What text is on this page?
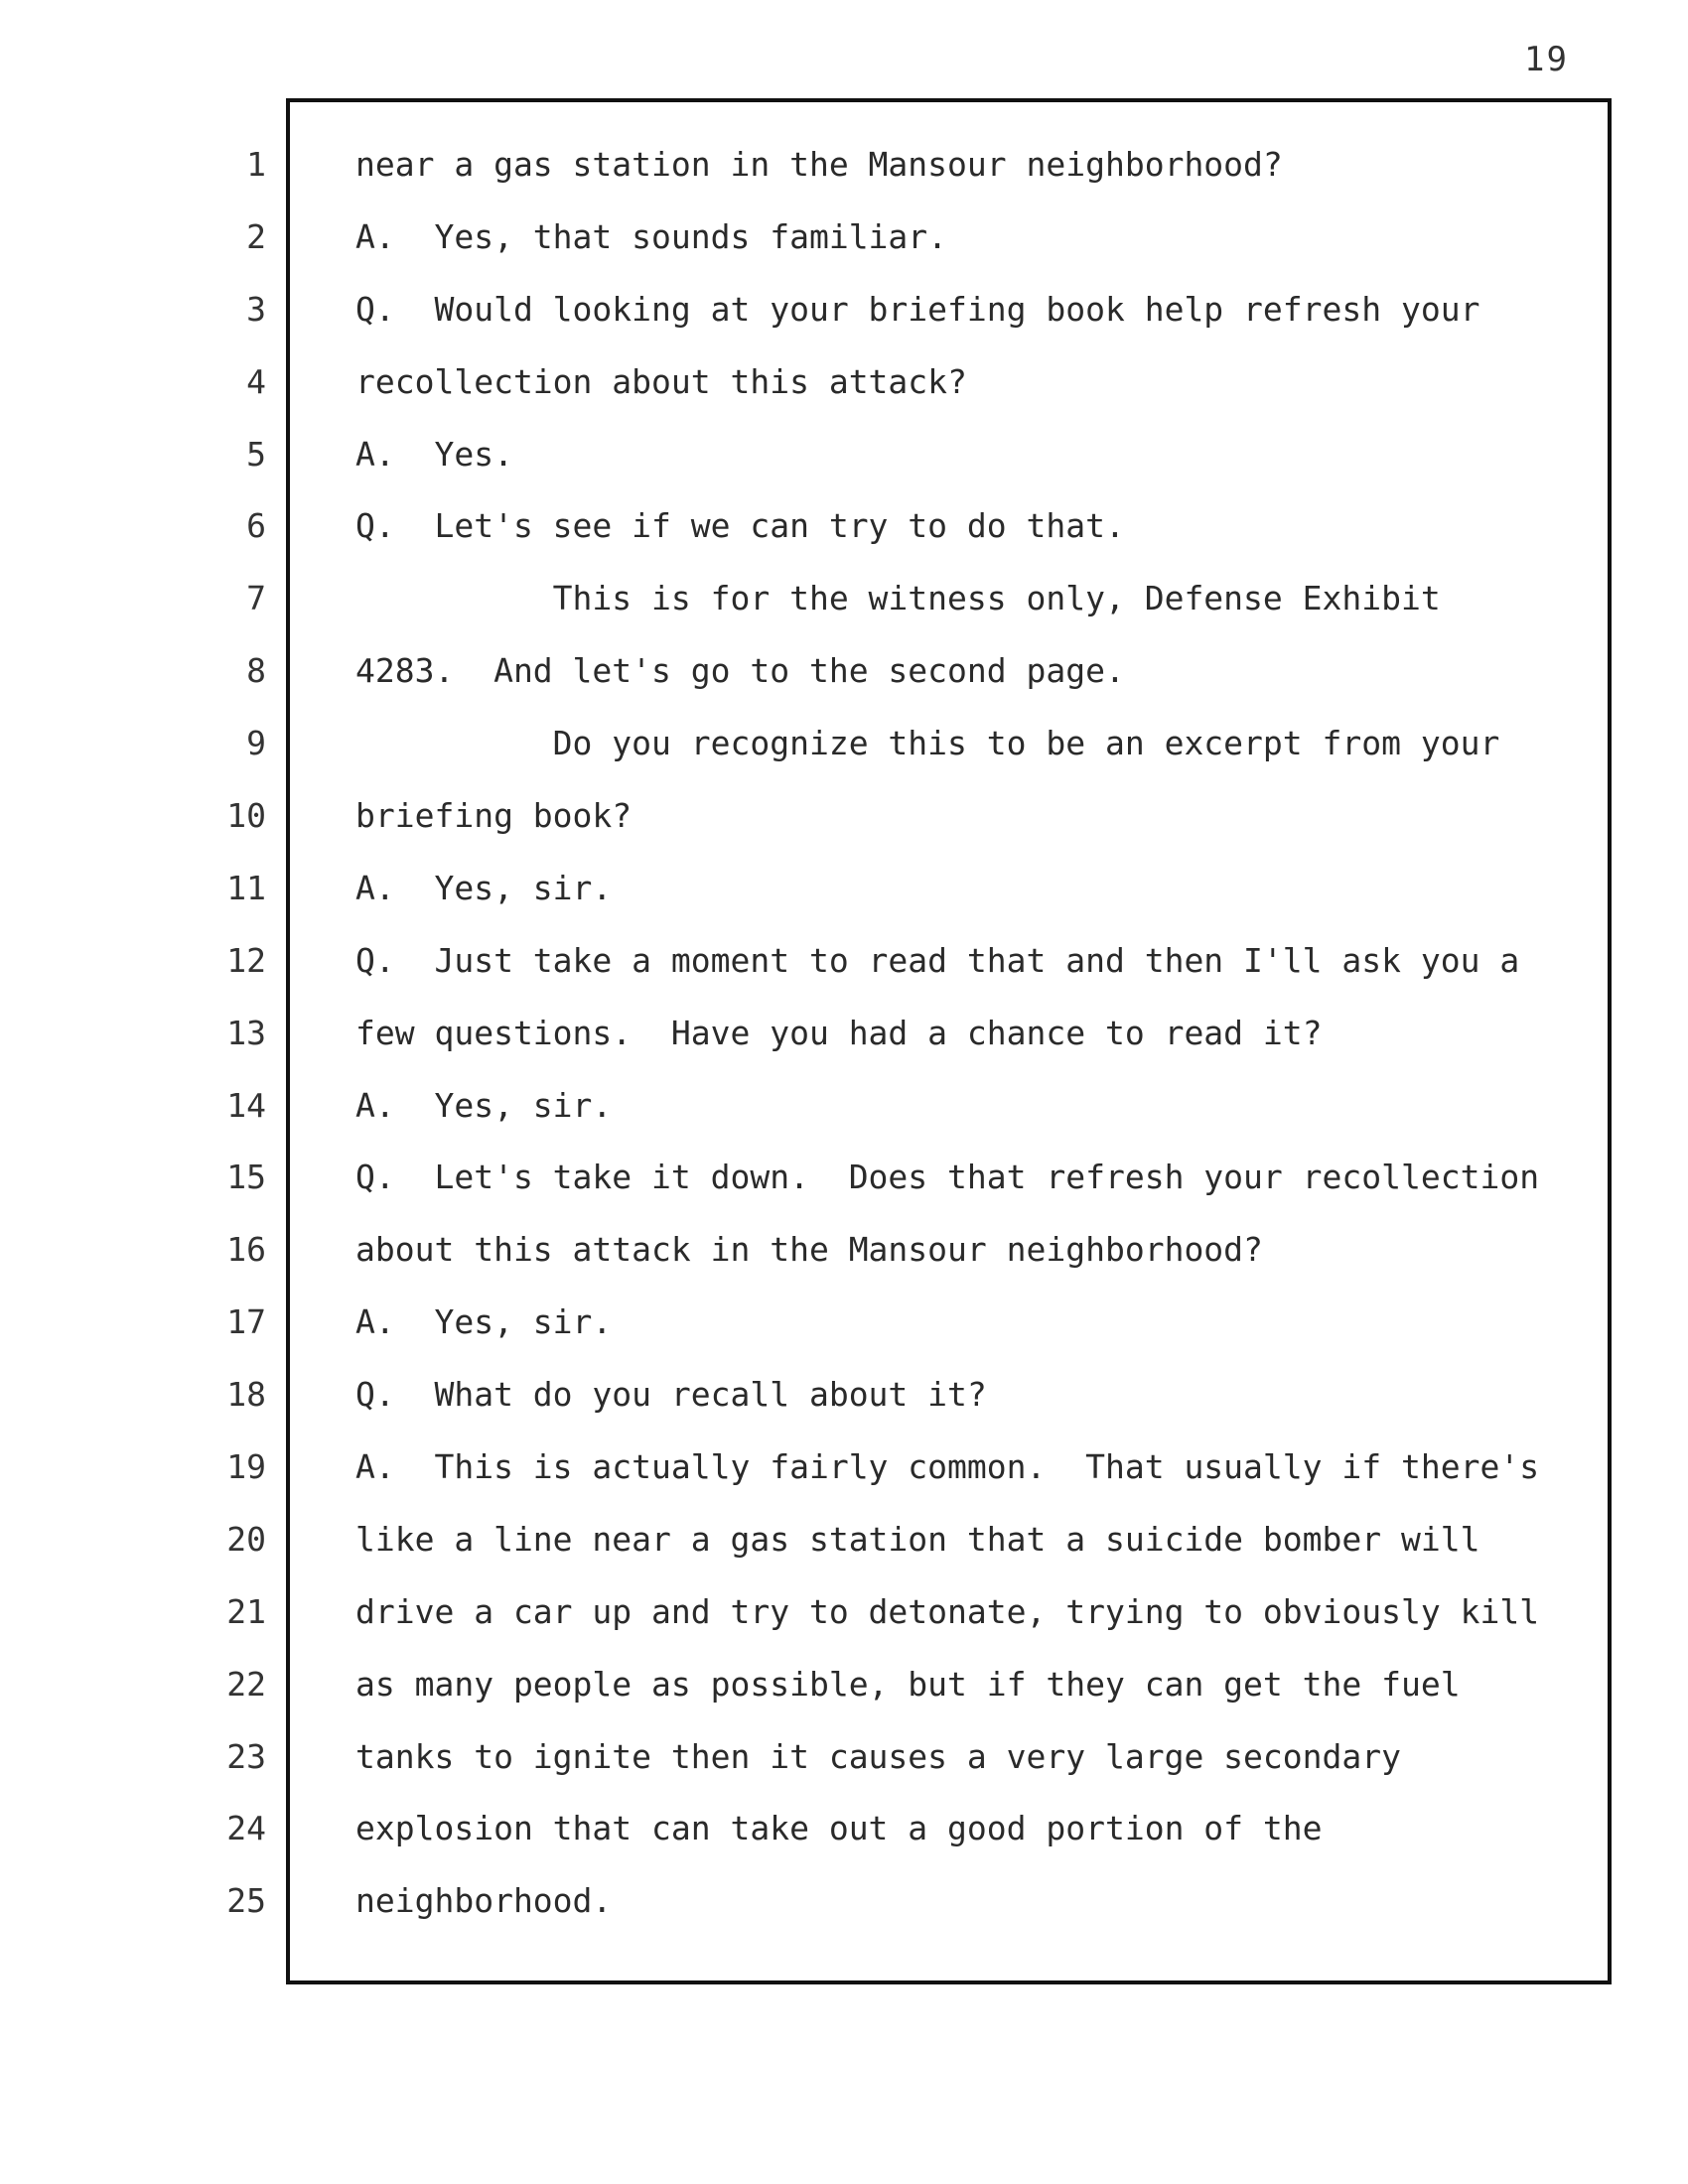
19
1
2
3
4
5
6
7
8
9
10
11
12
13
14
15
16
17
18
19
20
21
22
23
24
25
near a gas station in the Mansour neighborhood?
A.  Yes, that sounds familiar.
Q.  Would looking at your briefing book help refresh your
recollection about this attack?
A.  Yes.
Q.  Let's see if we can try to do that.
This is for the witness only, Defense Exhibit
4283.  And let's go to the second page.
Do you recognize this to be an excerpt from your
briefing book?
A.  Yes, sir.
Q.  Just take a moment to read that and then I'll ask you a
few questions.  Have you had a chance to read it?
A.  Yes, sir.
Q.  Let's take it down.  Does that refresh your recollection
about this attack in the Mansour neighborhood?
A.  Yes, sir.
Q.  What do you recall about it?
A.  This is actually fairly common.  That usually if there's
like a line near a gas station that a suicide bomber will
drive a car up and try to detonate, trying to obviously kill
as many people as possible, but if they can get the fuel
tanks to ignite then it causes a very large secondary
explosion that can take out a good portion of the
neighborhood.
